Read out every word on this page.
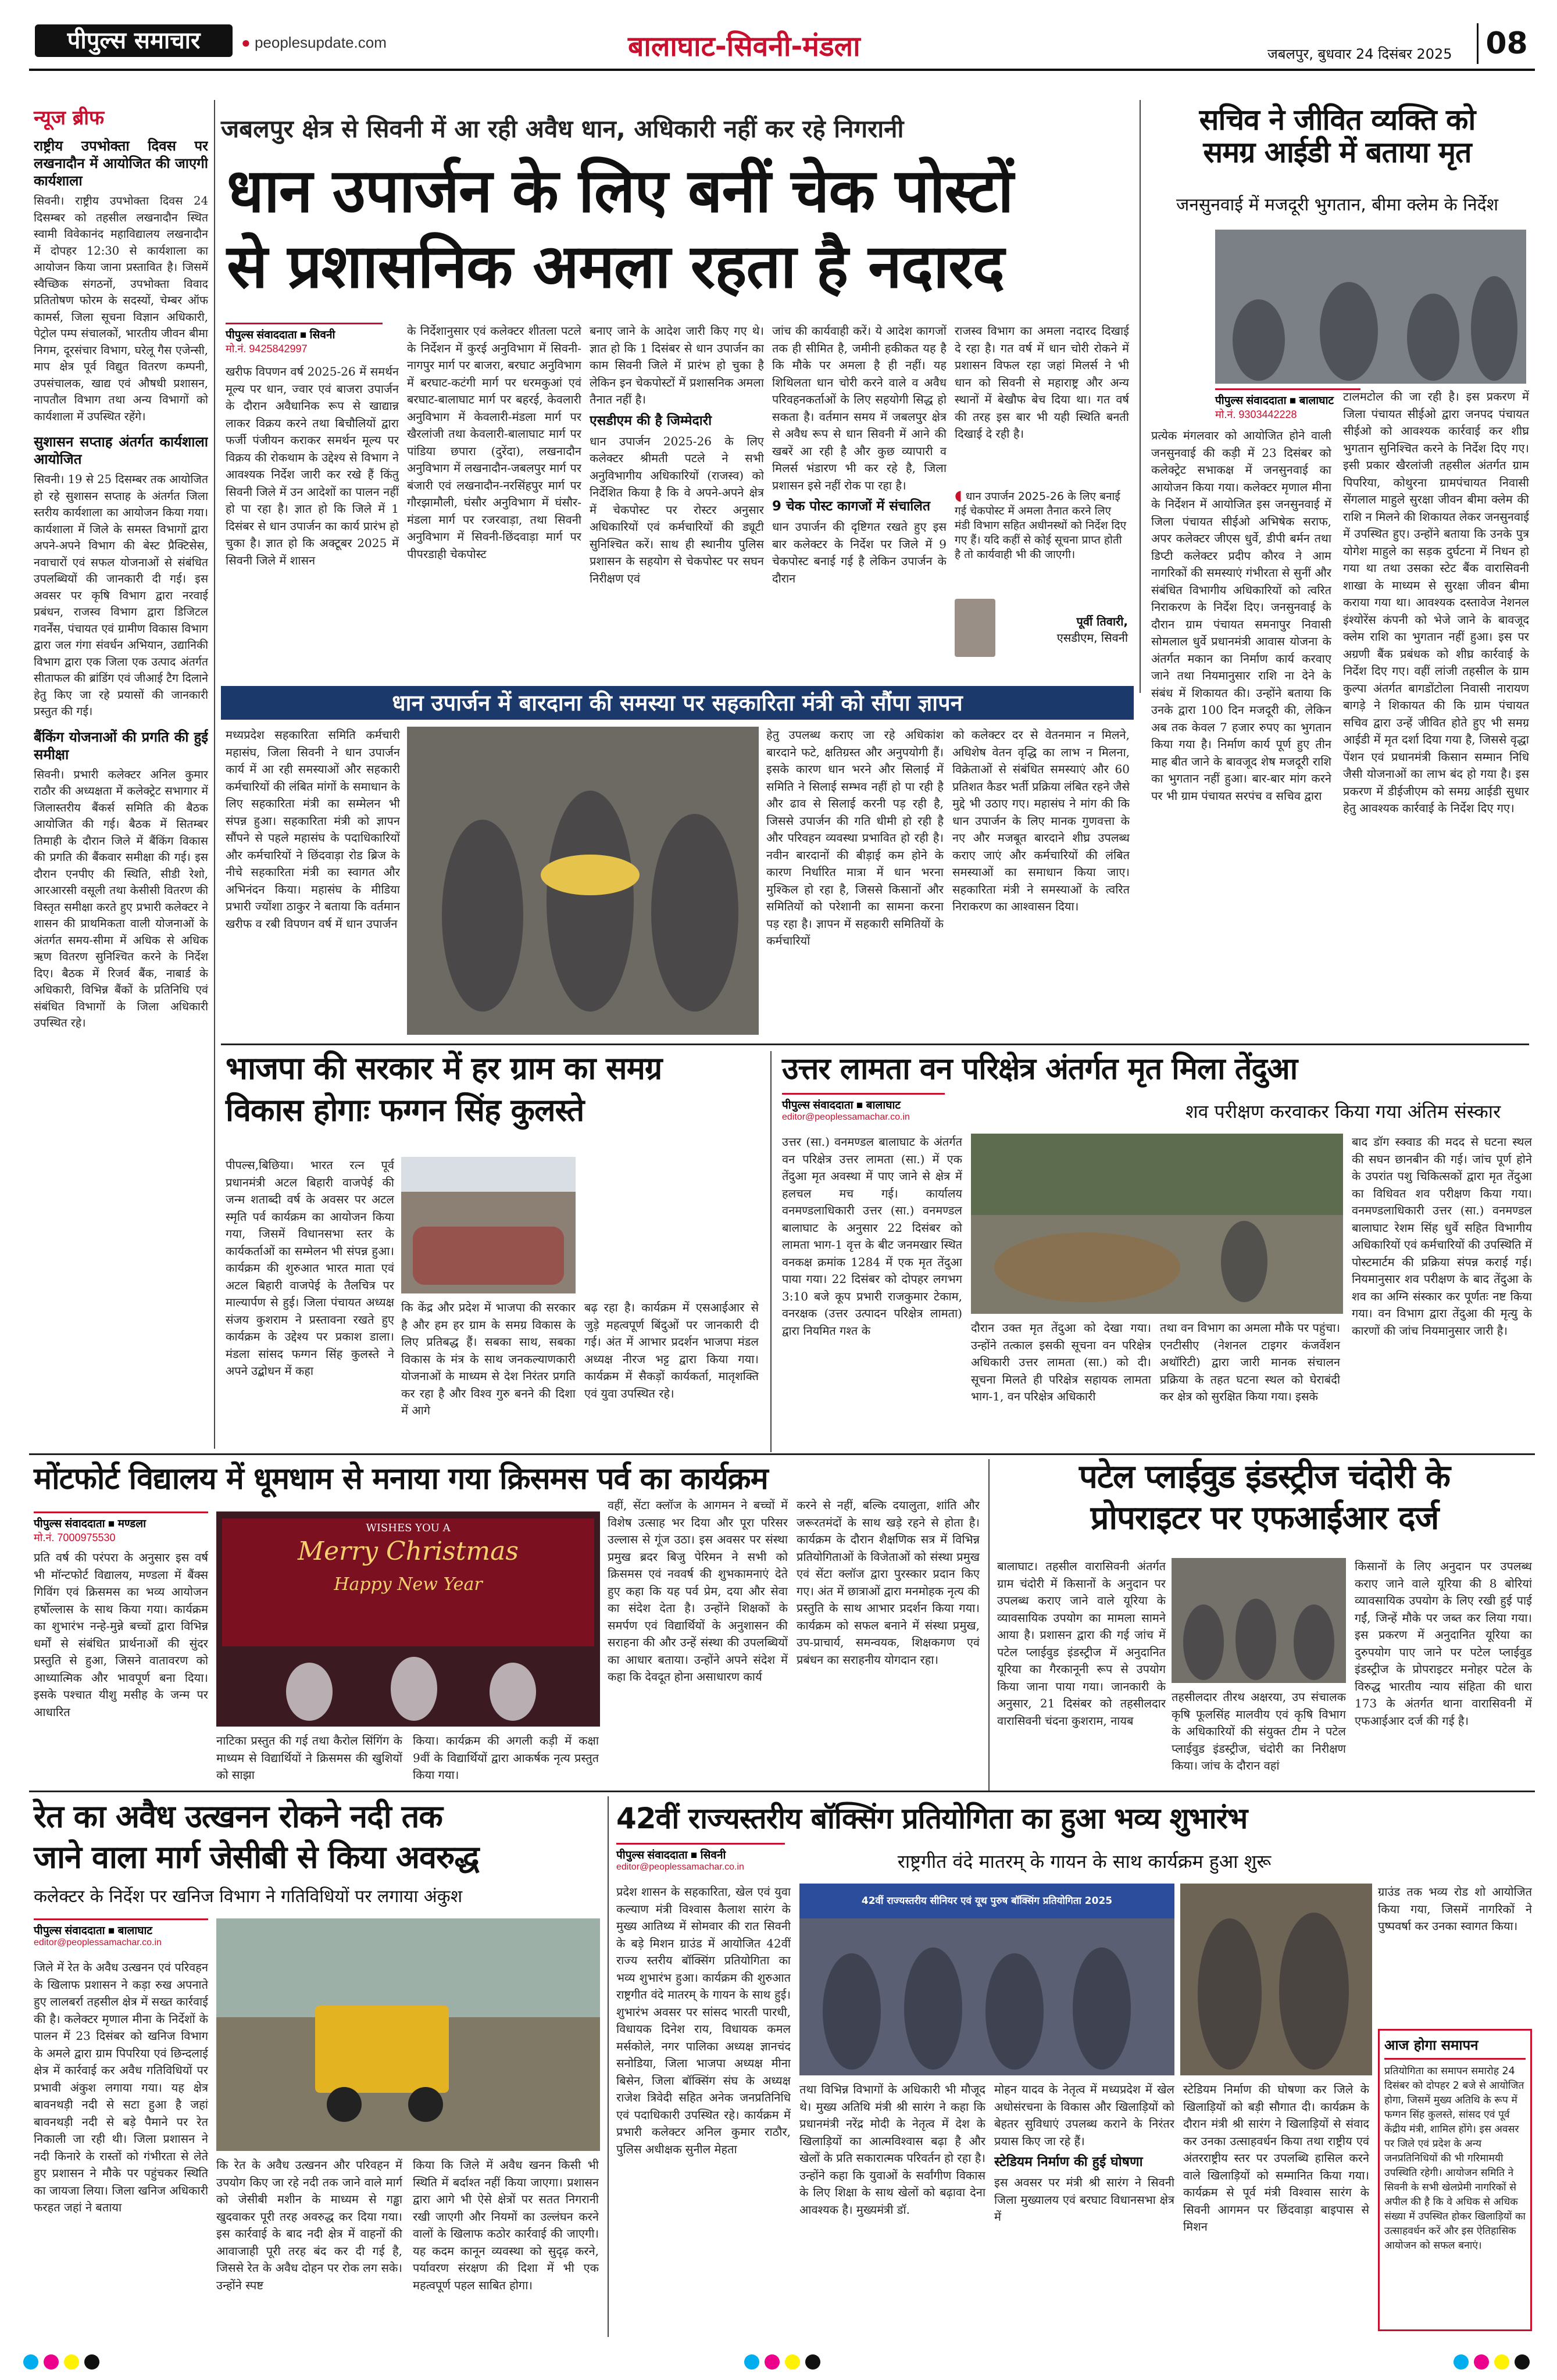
पीपुल्स समाचार	● peoplesupdate.com	बालाघाट-सिवनी-मंडला	जबलपुर, बुधवार 24 दिसंबर 2025 08
न्यूज ब्रीफ
राष्ट्रीय उपभोक्ता दिवस पर लखनादौन में आयोजित की जाएगी कार्यशाला

सिवनी। राष्ट्रीय उपभोक्ता दिवस 24 दिसम्बर को तहसील लखनादौन स्थित स्वामी विवेकानंद महाविद्यालय लखनादौन में दोपहर 12:30 से कार्यशाला का आयोजन किया जाना प्रस्तावित है। जिसमें स्वैच्छिक संगठनों, उपभोक्ता विवाद प्रतितोषण फोरम के सदस्यों, चेम्बर ऑफ कामर्स, जिला सूचना विज्ञान अधिकारी, पेट्रोल पम्प संचालकों, भारतीय जीवन बीमा निगम, दूरसंचार विभाग, घरेलू गैस एजेन्सी, माप क्षेत्र पूर्व विद्युत वितरण कम्पनी, उपसंचालक, खाद्य एवं औषधी प्रशासन, नापतौल विभाग तथा अन्य विभागों को कार्यशाला में उपस्थित रहेंगे।

सुशासन सप्ताह अंतर्गत कार्यशाला आयोजित

सिवनी। 19 से 25 दिसम्बर तक आयोजित हो रहे सुशासन सप्ताह के अंतर्गत जिला स्तरीय कार्यशाला का आयोजन किया गया। कार्यशाला में जिले के समस्त विभागों द्वारा अपने-अपने विभाग की बेस्ट प्रैक्टिसेस, नवाचारों एवं सफल योजनाओं से संबंधित उपलब्धियों की जानकारी दी गई। इस अवसर पर कृषि विभाग द्वारा नरवाई प्रबंधन, राजस्व विभाग द्वारा डिजिटल गवर्नेंस, पंचायत एवं ग्रामीण विकास विभाग द्वारा जल गंगा संवर्धन अभियान, उद्यानिकी विभाग द्वारा एक जिला एक उत्पाद अंतर्गत सीताफल की ब्रांडिंग एवं जीआई टैग दिलाने हेतु किए जा रहे प्रयासों की जानकारी प्रस्तुत की गई।

बैंकिंग योजनाओं की प्रगति की हुई समीक्षा

सिवनी। प्रभारी कलेक्टर अनिल कुमार राठौर की अध्यक्षता में कलेक्ट्रेट सभागार में जिलास्तरीय बैंकर्स समिति की बैठक आयोजित की गई। बैठक में सितम्बर तिमाही के दौरान जिले में बैंकिंग विकास की प्रगति की बैंकवार समीक्षा की गई। इस दौरान एनपीए की स्थिति, सीडी रेशो, आरआरसी वसूली तथा केसीसी वितरण की विस्तृत समीक्षा करते हुए प्रभारी कलेक्टर ने शासन की प्राथमिकता वाली योजनाओं के अंतर्गत समय-सीमा में अधिक से अधिक ऋण वितरण सुनिश्चित करने के निर्देश दिए। बैठक में रिजर्व बैंक, नाबार्ड के अधिकारी, विभिन्न बैंकों के प्रतिनिधि एवं संबंधित विभागों के जिला अधिकारी उपस्थित रहे।

जबलपुर क्षेत्र से सिवनी में आ रही अवैध धान, अधिकारी नहीं कर रहे निगरानी
धान उपार्जन के लिए बनीं चेक पोस्टों
से प्रशासनिक अमला रहता है नदारद
पीपुल्स संवाददाता ■ सिवनी
मो.नं. 9425842997
खरीफ विपणन वर्ष 2025-26 में समर्थन मूल्य पर धान, ज्वार एवं बाजरा उपार्जन के दौरान अवैधानिक रूप से खाद्यान्न लाकर विक्रय करने तथा बिचौलियों द्वारा फर्जी पंजीयन कराकर समर्थन मूल्य पर विक्रय की रोकथाम के उद्देश्य से विभाग ने आवश्यक निर्देश जारी कर रखे हैं किंतु सिवनी जिले में उन आदेशों का पालन नहीं हो पा रहा है। ज्ञात हो कि जिले में 1 दिसंबर से धान उपार्जन का कार्य प्रारंभ हो चुका है। ज्ञात हो कि अक्टूबर 2025 में सिवनी जिले में शासन
के निर्देशानुसार एवं कलेक्टर शीतला पटले के निर्देशन में कुरई अनुविभाग में सिवनी-नागपुर मार्ग पर बाजरा, बरघाट अनुविभाग में बरघाट-कटंगी मार्ग पर धरमकुआं एवं बरघाट-बालाघाट मार्ग पर बहरई, केवलारी अनुविभाग में केवलारी-मंडला मार्ग पर खैरलांजी तथा केवलारी-बालाघाट मार्ग पर पांडिया छपारा (दुरेंदा), लखनादौन अनुविभाग में लखनादौन-जबलपुर मार्ग पर बंजारी एवं लखनादौन-नरसिंहपुर मार्ग पर गौरझामौली, घंसौर अनुविभाग में घंसौर-मंडला मार्ग पर रजरवाड़ा, तथा सिवनी अनुविभाग में सिवनी-छिंदवाड़ा मार्ग पर पीपरडाही चेकपोस्ट

बनाए जाने के आदेश जारी किए गए थे। ज्ञात हो कि 1 दिसंबर से धान उपार्जन का काम सिवनी जिले में प्रारंभ हो चुका है लेकिन इन चेकपोस्टों में प्रशासनिक अमला तैनात नहीं है।

एसडीएम की है जिम्मेदारी

धान उपार्जन 2025-26 के लिए कलेक्टर श्रीमती पटले ने सभी अनुविभागीय अधिकारियों (राजस्व) को निर्देशित किया है कि वे अपने-अपने क्षेत्र में चेकपोस्ट पर रोस्टर अनुसार अधिकारियों एवं कर्मचारियों की ड्यूटी सुनिश्चित करें। साथ ही स्थानीय पुलिस प्रशासन के सहयोग से चेकपोस्ट पर सघन निरीक्षण एवं

जांच की कार्यवाही करें। ये आदेश कागजों तक ही सीमित है, जमीनी हकीकत यह है कि मौके पर अमला है ही नहीं। यह शिथिलता धान चोरी करने वाले व अवैध परिवहनकर्ताओं के लिए सहयोगी सिद्ध हो सकता है। वर्तमान समय में जबलपुर क्षेत्र से अवैध रूप से धान सिवनी में आने की खबरें आ रही है और कुछ व्यापारी व मिलर्स भंडारण भी कर रहे है, जिला प्रशासन इसे नहीं रोक पा रहा है।

9 चेक पोस्ट कागजों में संचालित

धान उपार्जन की दृष्टिगत रखते हुए इस बार कलेक्टर के निर्देश पर जिले में 9 चेकपोस्ट बनाई गई है लेकिन उपार्जन के दौरान

राजस्व विभाग का अमला नदारद दिखाई दे रहा है। गत वर्ष में धान चोरी रोकने में प्रशासन विफल रहा जहां मिलर्स ने भी धान को सिवनी से महाराष्ट्र और अन्य स्थानों में बेखौफ बेच दिया था। गत वर्ष की तरह इस बार भी यही स्थिति बनती दिखाई दे रही है।
◖ धान उपार्जन 2025-26 के लिए बनाई गई चेकपोस्ट में अमला तैनात करने लिए मंडी विभाग सहित अधीनस्थों को निर्देश दिए गए हैं। यदि कहीं से कोई सूचना प्राप्त होती है तो कार्यवाही भी की जाएगी।
पूर्वी तिवारी,
एसडीएम, सिवनी
सचिव ने जीवित व्यक्ति को
समग्र आईडी में बताया मृत
जनसुनवाई में मजदूरी भुगतान, बीमा क्लेम के निर्देश
पीपुल्स संवाददाता ■ बालाघाट
मो.नं. 9303442228
प्रत्येक मंगलवार को आयोजित होने वाली जनसुनवाई की कड़ी में 23 दिसंबर को कलेक्ट्रेट सभाकक्ष में जनसुनवाई का आयोजन किया गया। कलेक्टर मृणाल मीना के निर्देशन में आयोजित इस जनसुनवाई में जिला पंचायत सीईओ अभिषेक सराफ, अपर कलेक्टर जीएस धुर्वे, डीपी बर्मन तथा डिप्टी कलेक्टर प्रदीप कौरव ने आम नागरिकों की समस्याएं गंभीरता से सुनीं और संबंधित विभागीय अधिकारियों को त्वरित निराकरण के निर्देश दिए। जनसुनवाई के दौरान ग्राम पंचायत समनापुर निवासी सोमलाल धुर्वे प्रधानमंत्री आवास योजना के अंतर्गत मकान का निर्माण कार्य करवाए जाने तथा नियमानुसार राशि ना देने के संबंध में शिकायत की। उन्होंने बताया कि उनके द्वारा 100 दिन मजदूरी की, लेकिन अब तक केवल 7 हजार रुपए का भुगतान किया गया है। निर्माण कार्य पूर्ण हुए तीन माह बीत जाने के बावजूद शेष मजदूरी राशि का भुगतान नहीं हुआ। बार-बार मांग करने पर भी ग्राम पंचायत सरपंच व सचिव द्वारा
टालमटोल की जा रही है। इस प्रकरण में जिला पंचायत सीईओ द्वारा जनपद पंचायत सीईओ को आवश्यक कार्रवाई कर शीघ्र भुगतान सुनिश्चित करने के निर्देश दिए गए। इसी प्रकार खैरलांजी तहसील अंतर्गत ग्राम पिपरिया, कोथुरना ग्रामपंचायत निवासी सेंगलाल माहुले सुरक्षा जीवन बीमा क्लेम की राशि न मिलने की शिकायत लेकर जनसुनवाई में उपस्थित हुए। उन्होंने बताया कि उनके पुत्र योगेश माहुले का सड़क दुर्घटना में निधन हो गया था तथा उसका स्टेट बैंक वारासिवनी शाखा के माध्यम से सुरक्षा जीवन बीमा कराया गया था। आवश्यक दस्तावेज नेशनल इंश्योरेंस कंपनी को भेजे जाने के बावजूद क्लेम राशि का भुगतान नहीं हुआ। इस पर अग्रणी बैंक प्रबंधक को शीघ्र कार्रवाई के निर्देश दिए गए। वहीं लांजी तहसील के ग्राम कुल्पा अंतर्गत बागडोंटोला निवासी नारायण बागड़े ने शिकायत की कि ग्राम पंचायत सचिव द्वारा उन्हें जीवित होते हुए भी समग्र आईडी में मृत दर्शा दिया गया है, जिससे वृद्धा पेंशन एवं प्रधानमंत्री किसान सम्मान निधि जैसी योजनाओं का लाभ बंद हो गया है। इस प्रकरण में डीईजीएम को समग्र आईडी सुधार हेतु आवश्यक कार्रवाई के निर्देश दिए गए।
धान उपार्जन में बारदाना की समस्या पर सहकारिता मंत्री को सौंपा ज्ञापन
मध्यप्रदेश सहकारिता समिति कर्मचारी महासंघ, जिला सिवनी ने धान उपार्जन कार्य में आ रही समस्याओं और सहकारी कर्मचारियों की लंबित मांगों के समाधान के लिए सहकारिता मंत्री का सम्मेलन भी संपन्न हुआ। सहकारिता मंत्री को ज्ञापन सौंपने से पहले महासंघ के पदाधिकारियों और कर्मचारियों ने छिंदवाड़ा रोड ब्रिज के नीचे सहकारिता मंत्री का स्वागत और अभिनंदन किया। महासंघ के मीडिया प्रभारी ज्योंशा ठाकुर ने बताया कि वर्तमान खरीफ व रबी विपणन वर्ष में धान उपार्जन
हेतु उपलब्ध कराए जा रहे अधिकांश बारदाने फटे, क्षतिग्रस्त और अनुपयोगी हैं। इसके कारण धान भरने और सिलाई में समिति ने सिलाई सम्भव नहीं हो पा रही है और ढाव से सिलाई करनी पड़ रही है, जिससे उपार्जन की गति धीमी हो रही है और परिवहन व्यवस्था प्रभावित हो रही है। नवीन बारदानों की बीड़ाई कम होने के कारण निर्धारित मात्रा में धान भरना मुश्किल हो रहा है, जिससे किसानों और समितियों को परेशानी का सामना करना पड़ रहा है। ज्ञापन में सहकारी समितियों के कर्मचारियों
को कलेक्टर दर से वेतनमान न मिलने, अधिशेष वेतन वृद्धि का लाभ न मिलना, विक्रेताओं से संबंधित समस्याएं और 60 प्रतिशत कैडर भर्ती प्रक्रिया लंबित रहने जैसे मुद्दे भी उठाए गए। महासंघ ने मांग की कि धान उपार्जन के लिए मानक गुणवत्ता के नए और मजबूत बारदाने शीघ्र उपलब्ध कराए जाएं और कर्मचारियों की लंबित समस्याओं का समाधान किया जाए। सहकारिता मंत्री ने समस्याओं के त्वरित निराकरण का आश्वासन दिया।
भाजपा की सरकार में हर ग्राम का समग्र
विकास होगाः फग्गन सिंह कुलस्ते
पीपल्स,बिछिया। भारत रत्न पूर्व प्रधानमंत्री अटल बिहारी वाजपेई की जन्म शताब्दी वर्ष के अवसर पर अटल स्मृति पर्व कार्यक्रम का आयोजन किया गया, जिसमें विधानसभा स्तर के कार्यकर्ताओं का सम्मेलन भी संपन्न हुआ। कार्यक्रम की शुरुआत भारत माता एवं अटल बिहारी वाजपेई के तैलचित्र पर माल्यार्पण से हुई। जिला पंचायत अध्यक्ष संजय कुशराम ने प्रस्तावना रखते हुए कार्यक्रम के उद्देश्य पर प्रकाश डाला। मंडला सांसद फग्गन सिंह कुलस्ते ने अपने उद्बोधन में कहा
कि केंद्र और प्रदेश में भाजपा की सरकार है और हम हर ग्राम के समग्र विकास के लिए प्रतिबद्ध हैं। सबका साथ, सबका विकास के मंत्र के साथ जनकल्याणकारी योजनाओं के माध्यम से देश निरंतर प्रगति कर रहा है और विश्व गुरु बनने की दिशा में आगे
बढ़ रहा है। कार्यक्रम में एसआईआर से जुड़े महत्वपूर्ण बिंदुओं पर जानकारी दी गई। अंत में आभार प्रदर्शन भाजपा मंडल अध्यक्ष नीरज भट्ट द्वारा किया गया। कार्यक्रम में सैकड़ों कार्यकर्ता, मातृशक्ति एवं युवा उपस्थित रहे।
उत्तर लामता वन परिक्षेत्र अंतर्गत मृत मिला तेंदुआ
शव परीक्षण करवाकर किया गया अंतिम संस्कार
पीपुल्स संवाददाता ■ बालाघाट
editor@peoplessamachar.co.in
उत्तर (सा.) वनमण्डल बालाघाट के अंतर्गत वन परिक्षेत्र उत्तर लामता (सा.) में एक तेंदुआ मृत अवस्था में पाए जाने से क्षेत्र में हलचल मच गई। कार्यालय वनमण्डलाधिकारी उत्तर (सा.) वनमण्डल बालाघाट के अनुसार 22 दिसंबर को लामता भाग-1 वृत्त के बीट जनमखार स्थित वनकक्ष क्रमांक 1284 में एक मृत तेंदुआ पाया गया। 22 दिसंबर को दोपहर लगभग 3:10 बजे कूप प्रभारी राजकुमार टेकाम, वनरक्षक (उत्तर उत्पादन परिक्षेत्र लामता) द्वारा नियमित गश्त के	दौरान उक्त मृत तेंदुआ को देखा गया। उन्होंने तत्काल इसकी सूचना वन परिक्षेत्र अधिकारी उत्तर लामता (सा.) को दी। सूचना मिलते ही परिक्षेत्र सहायक लामता भाग-1, वन परिक्षेत्र अधिकारी
तथा वन विभाग का अमला मौके पर पहुंचा। एनटीसीए (नेशनल टाइगर कंजर्वेशन अथॉरिटी) द्वारा जारी मानक संचालन प्रक्रिया के तहत घटना स्थल को घेराबंदी कर क्षेत्र को सुरक्षित किया गया। इसके
बाद डॉग स्क्वाड की मदद से घटना स्थल की सघन छानबीन की गई। जांच पूर्ण होने के उपरांत पशु चिकित्सकों द्वारा मृत तेंदुआ का विधिवत शव परीक्षण किया गया। वनमण्डलाधिकारी उत्तर (सा.) वनमण्डल बालाघाट रेशम सिंह धुर्वे सहित विभागीय अधिकारियों एवं कर्मचारियों की उपस्थिति में पोस्टमार्टम की प्रक्रिया संपन्न कराई गई। नियमानुसार शव परीक्षण के बाद तेंदुआ के शव का अग्नि संस्कार कर पूर्णतः नष्ट किया गया। वन विभाग द्वारा तेंदुआ की मृत्यु के कारणों की जांच नियमानुसार जारी है।
मोंटफोर्ट विद्यालय में धूमधाम से मनाया गया क्रिसमस पर्व का कार्यक्रम
पीपुल्स संवाददाता ■ मण्डला
मो.नं. 7000975530
प्रति वर्ष की परंपरा के अनुसार इस वर्ष भी मॉन्टफोर्ट विद्यालय, मण्डला में बैंक्स गिविंग एवं क्रिसमस का भव्य आयोजन हर्षोल्लास के साथ किया गया। कार्यक्रम का शुभारंभ नन्हे-मुन्ने बच्चों द्वारा विभिन्न धर्मों से संबंधित प्रार्थनाओं की सुंदर प्रस्तुति से हुआ, जिसने वातावरण को आध्यात्मिक और भावपूर्ण बना दिया। इसके पश्चात यीशु मसीह के जन्म पर आधारित
WISHES YOU A
Merry Christmas
Happy New Year
नाटिका प्रस्तुत की गई तथा कैरोल सिंगिंग के माध्यम से विद्यार्थियों ने क्रिसमस की खुशियों को साझा
किया। कार्यक्रम की अगली कड़ी में कक्षा 9वीं के विद्यार्थियों द्वारा आकर्षक नृत्य प्रस्तुत किया गया।
वहीं, सेंटा क्लॉज के आगमन ने बच्चों में विशेष उत्साह भर दिया और पूरा परिसर उल्लास से गूंज उठा। इस अवसर पर संस्था प्रमुख ब्रदर बिजु पेरिमन ने सभी को क्रिसमस एवं नववर्ष की शुभकामनाएं देते हुए कहा कि यह पर्व प्रेम, दया और सेवा का संदेश देता है। उन्होंने शिक्षकों के समर्पण एवं विद्यार्थियों के अनुशासन की सराहना की और उन्हें संस्था की उपलब्धियों का आधार बताया। उन्होंने अपने संदेश में कहा कि देवदूत होना असाधारण कार्य
करने से नहीं, बल्कि दयालुता, शांति और जरूरतमंदों के साथ खड़े रहने से होता है। कार्यक्रम के दौरान शैक्षणिक सत्र में विभिन्न प्रतियोगिताओं के विजेताओं को संस्था प्रमुख एवं सेंटा क्लॉज द्वारा पुरस्कार प्रदान किए गए। अंत में छात्राओं द्वारा मनमोहक नृत्य की प्रस्तुति के साथ आभार प्रदर्शन किया गया। कार्यक्रम को सफल बनाने में संस्था प्रमुख, उप-प्राचार्य, समन्वयक, शिक्षकगण एवं प्रबंधन का सराहनीय योगदान रहा।
पटेल प्लाईवुड इंडस्ट्रीज चंदोरी के
प्रोपराइटर पर एफआईआर दर्ज
बालाघाट। तहसील वारासिवनी अंतर्गत ग्राम चंदोरी में किसानों के अनुदान पर उपलब्ध कराए जाने वाले यूरिया के व्यावसायिक उपयोग का मामला सामने आया है। प्रशासन द्वारा की गई जांच में पटेल प्लाईवुड इंडस्ट्रीज में अनुदानित यूरिया का गैरकानूनी रूप से उपयोग किया जाना पाया गया। जानकारी के अनुसार, 21 दिसंबर को तहसीलदार वारासिवनी चंदना कुशराम, नायब
तहसीलदार तीरथ अक्षरया, उप संचालक कृषि फूलसिंह मालवीय एवं कृषि विभाग के अधिकारियों की संयुक्त टीम ने पटेल प्लाईवुड इंडस्ट्रीज, चंदोरी का निरीक्षण किया। जांच के दौरान वहां
किसानों के लिए अनुदान पर उपलब्ध कराए जाने वाले यूरिया की 8 बोरियां व्यावसायिक उपयोग के लिए रखी हुई पाई गईं, जिन्हें मौके पर जब्त कर लिया गया। इस प्रकरण में अनुदानित यूरिया का दुरुपयोग पाए जाने पर पटेल प्लाईवुड इंडस्ट्रीज के प्रोपराइटर मनोहर पटेल के विरुद्ध भारतीय न्याय संहिता की धारा 173 के अंतर्गत थाना वारासिवनी में एफआईआर दर्ज की गई है।
रेत का अवैध उत्खनन रोकने नदी तक
जाने वाला मार्ग जेसीबी से किया अवरुद्ध
कलेक्टर के निर्देश पर खनिज विभाग ने गतिविधियों पर लगाया अंकुश
पीपुल्स संवाददाता ■ बालाघाट
editor@peoplessamachar.co.in
जिले में रेत के अवैध उत्खनन एवं परिवहन के खिलाफ प्रशासन ने कड़ा रुख अपनाते हुए लालबर्रा तहसील क्षेत्र में सख्त कार्रवाई की है। कलेक्टर मृणाल मीना के निर्देशों के पालन में 23 दिसंबर को खनिज विभाग के अमले द्वारा ग्राम पिपरिया एवं छिन्दलाई क्षेत्र में कार्रवाई कर अवैध गतिविधियों पर प्रभावी अंकुश लगाया गया। यह क्षेत्र बावनथड़ी नदी से सटा हुआ है जहां बावनथड़ी नदी से बड़े पैमाने पर रेत निकाली जा रही थी। जिला प्रशासन ने नदी किनारे के रास्तों को गंभीरता से लेते हुए प्रशासन ने मौके पर पहुंचकर स्थिति का जायजा लिया। जिला खनिज अधिकारी फरहत जहां ने बताया
कि रेत के अवैध उत्खनन और परिवहन में उपयोग किए जा रहे नदी तक जाने वाले मार्ग को जेसीबी मशीन के माध्यम से गड्ढा खुदवाकर पूरी तरह अवरुद्ध कर दिया गया। इस कार्रवाई के बाद नदी क्षेत्र में वाहनों की आवाजाही पूरी तरह बंद कर दी गई है, जिससे रेत के अवैध दोहन पर रोक लग सके। उन्होंने स्पष्ट
किया कि जिले में अवैध खनन किसी भी स्थिति में बर्दाश्त नहीं किया जाएगा। प्रशासन द्वारा आगे भी ऐसे क्षेत्रों पर सतत निगरानी रखी जाएगी और नियमों का उल्लंघन करने वालों के खिलाफ कठोर कार्रवाई की जाएगी। यह कदम कानून व्यवस्था को सुदृढ़ करने, पर्यावरण संरक्षण की दिशा में भी एक महत्वपूर्ण पहल साबित होगा।
42वीं राज्यस्तरीय बॉक्सिंग प्रतियोगिता का हुआ भव्य शुभारंभ
पीपुल्स संवाददाता ■ सिवनी
editor@peoplessamachar.co.in	राष्ट्रगीत वंदे मातरम् के गायन के साथ कार्यक्रम हुआ शुरू
प्रदेश शासन के सहकारिता, खेल एवं युवा कल्याण मंत्री विश्वास कैलाश सारंग के मुख्य आतिथ्य में सोमवार की रात सिवनी के बड़े मिशन ग्राउंड में आयोजित 42वीं राज्य स्तरीय बॉक्सिंग प्रतियोगिता का भव्य शुभारंभ हुआ। कार्यक्रम की शुरुआत राष्ट्रगीत वंदे मातरम् के गायन के साथ हुई। शुभारंभ अवसर पर सांसद भारती पारधी, विधायक दिनेश राय, विधायक कमल मर्सकोले, नगर पालिका अध्यक्ष ज्ञानचंद सनोडिया, जिला भाजपा अध्यक्ष मीना बिसेन, जिला बॉक्सिंग संघ के अध्यक्ष राजेश त्रिवेदी सहित अनेक जनप्रतिनिधि एवं पदाधिकारी उपस्थित रहे। कार्यक्रम में प्रभारी कलेक्टर अनिल कुमार राठौर, पुलिस अधीक्षक सुनील मेहता
42वीं राज्यस्तरीय सीनियर एवं यूथ पुरुष बॉक्सिंग प्रतियोगिता 2025
तथा विभिन्न विभागों के अधिकारी भी मौजूद थे। मुख्य अतिथि मंत्री श्री सारंग ने कहा कि प्रधानमंत्री नरेंद्र मोदी के नेतृत्व में देश के खिलाड़ियों का आत्मविश्वास बढ़ा है और खेलों के प्रति सकारात्मक परिवर्तन हो रहा है। उन्होंने कहा कि युवाओं के सर्वांगीण विकास के लिए शिक्षा के साथ खेलों को बढ़ावा देना आवश्यक है। मुख्यमंत्री डॉ.

मोहन यादव के नेतृत्व में मध्यप्रदेश में खेल अधोसंरचना के विकास और खिलाड़ियों को बेहतर सुविधाएं उपलब्ध कराने के निरंतर प्रयास किए जा रहे हैं।

स्टेडियम निर्माण की हुई घोषणा

इस अवसर पर मंत्री श्री सारंग ने सिवनी जिला मुख्यालय एवं बरघाट विधानसभा क्षेत्र में

स्टेडियम निर्माण की घोषणा कर जिले के खिलाड़ियों को बड़ी सौगात दी। कार्यक्रम के दौरान मंत्री श्री सारंग ने खिलाड़ियों से संवाद कर उनका उत्साहवर्धन किया तथा राष्ट्रीय एवं अंतरराष्ट्रीय स्तर पर उपलब्धि हासिल करने वाले खिलाड़ियों को सम्मानित किया गया। कार्यक्रम से पूर्व मंत्री विश्वास सारंग के सिवनी आगमन पर छिंदवाड़ा बाइपास से मिशन
ग्राउंड तक भव्य रोड शो आयोजित किया गया, जिसमें नागरिकों ने पुष्पवर्षा कर उनका स्वागत किया।
आज होगा समापन
प्रतियोगिता का समापन समारोह 24 दिसंबर को दोपहर 2 बजे से आयोजित होगा, जिसमें मुख्य अतिथि के रूप में फग्गन सिंह कुलस्ते, सांसद एवं पूर्व केंद्रीय मंत्री, शामिल होंगे। इस अवसर पर जिले एवं प्रदेश के अन्य जनप्रतिनिधियों की भी गरिमामयी उपस्थिति रहेगी। आयोजन समिति ने सिवनी के सभी खेलप्रेमी नागरिकों से अपील की है कि वे अधिक से अधिक संख्या में उपस्थित होकर खिलाड़ियों का उत्साहवर्धन करें और इस ऐतिहासिक आयोजन को सफल बनाएं।
